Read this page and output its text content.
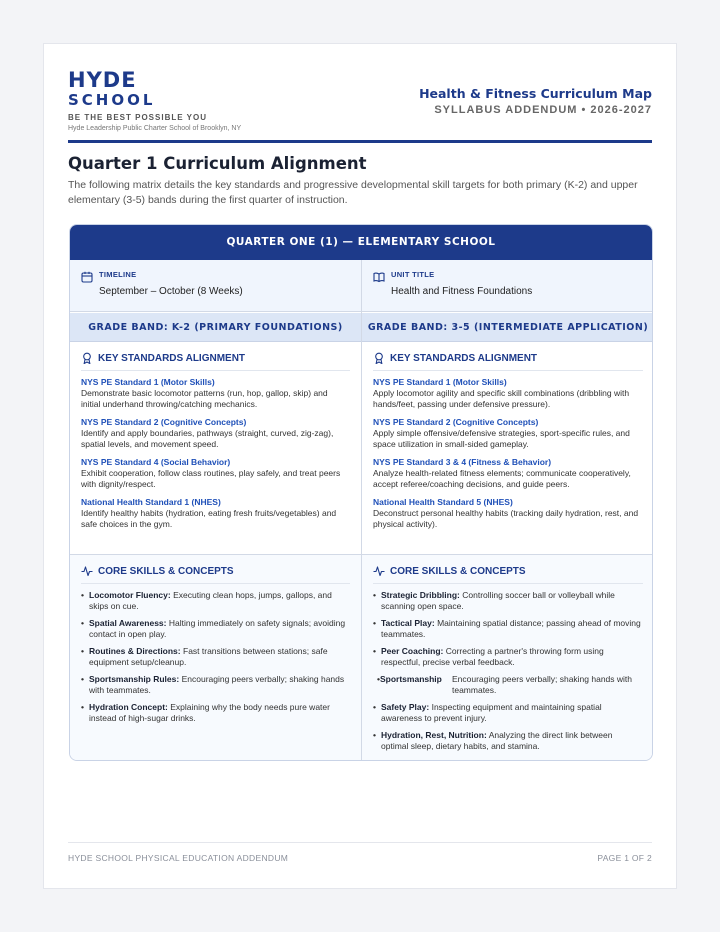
HYDE
SCHOOL
BE THE BEST POSSIBLE YOU
Hyde Leadership Public Charter School of Brooklyn, NY
Health & Fitness Curriculum Map
SYLLABUS ADDENDUM • 2026-2027
Quarter 1 Curriculum Alignment
The following matrix details the key standards and progressive developmental skill targets for both primary (K-2) and upper elementary (3-5) bands during the first quarter of instruction.
QUARTER ONE (1) — ELEMENTARY SCHOOL
TIMELINE
September – October (8 Weeks)
UNIT TITLE
Health and Fitness Foundations
GRADE BAND: K-2 (PRIMARY FOUNDATIONS)	GRADE BAND: 3-5 (INTERMEDIATE APPLICATION)
KEY STANDARDS ALIGNMENT
NYS PE Standard 1 (Motor Skills)
Demonstrate basic locomotor patterns (run, hop, gallop, skip) and initial underhand throwing/catching mechanics.
NYS PE Standard 2 (Cognitive Concepts)
Identify and apply boundaries, pathways (straight, curved, zig-zag), spatial levels, and movement speed.
NYS PE Standard 4 (Social Behavior)
Exhibit cooperation, follow class routines, play safely, and treat peers with dignity/respect.
National Health Standard 1 (NHES)
Identify healthy habits (hydration, eating fresh fruits/vegetables) and safe choices in the gym.
KEY STANDARDS ALIGNMENT
NYS PE Standard 1 (Motor Skills)
Apply locomotor agility and specific skill combinations (dribbling with hands/feet, passing under defensive pressure).
NYS PE Standard 2 (Cognitive Concepts)
Apply simple offensive/defensive strategies, sport-specific rules, and space utilization in small-sided gameplay.
NYS PE Standard 3 & 4 (Fitness & Behavior)
Analyze health-related fitness elements; communicate cooperatively, accept referee/coaching decisions, and guide peers.
National Health Standard 5 (NHES)
Deconstruct personal healthy habits (tracking daily hydration, rest, and physical activity).
CORE SKILLS & CONCEPTS
• Locomotor Fluency: Executing clean hops, jumps, gallops, and skips on cue.
• Spatial Awareness: Halting immediately on safety signals; avoiding contact in open play.
• Routines & Directions: Fast transitions between stations; safe equipment setup/cleanup.
• Sportsmanship Rules: Encouraging peers verbally; shaking hands with teammates.
• Hydration Concept: Explaining why the body needs pure water instead of high-sugar drinks.
CORE SKILLS & CONCEPTS
• Strategic Dribbling: Controlling soccer ball or volleyball while scanning open space.
• Tactical Play: Maintaining spatial distance; passing ahead of moving teammates.
• Peer Coaching: Correcting a partner's throwing form using respectful, precise verbal feedback.
•Sportsmanship Encouraging peers verbally; shaking hands with teammates.
• Safety Play: Inspecting equipment and maintaining spatial awareness to prevent injury.
• Hydration, Rest, Nutrition: Analyzing the direct link between optimal sleep, dietary habits, and stamina.
HYDE SCHOOL PHYSICAL EDUCATION ADDENDUM	PAGE 1 OF 2
